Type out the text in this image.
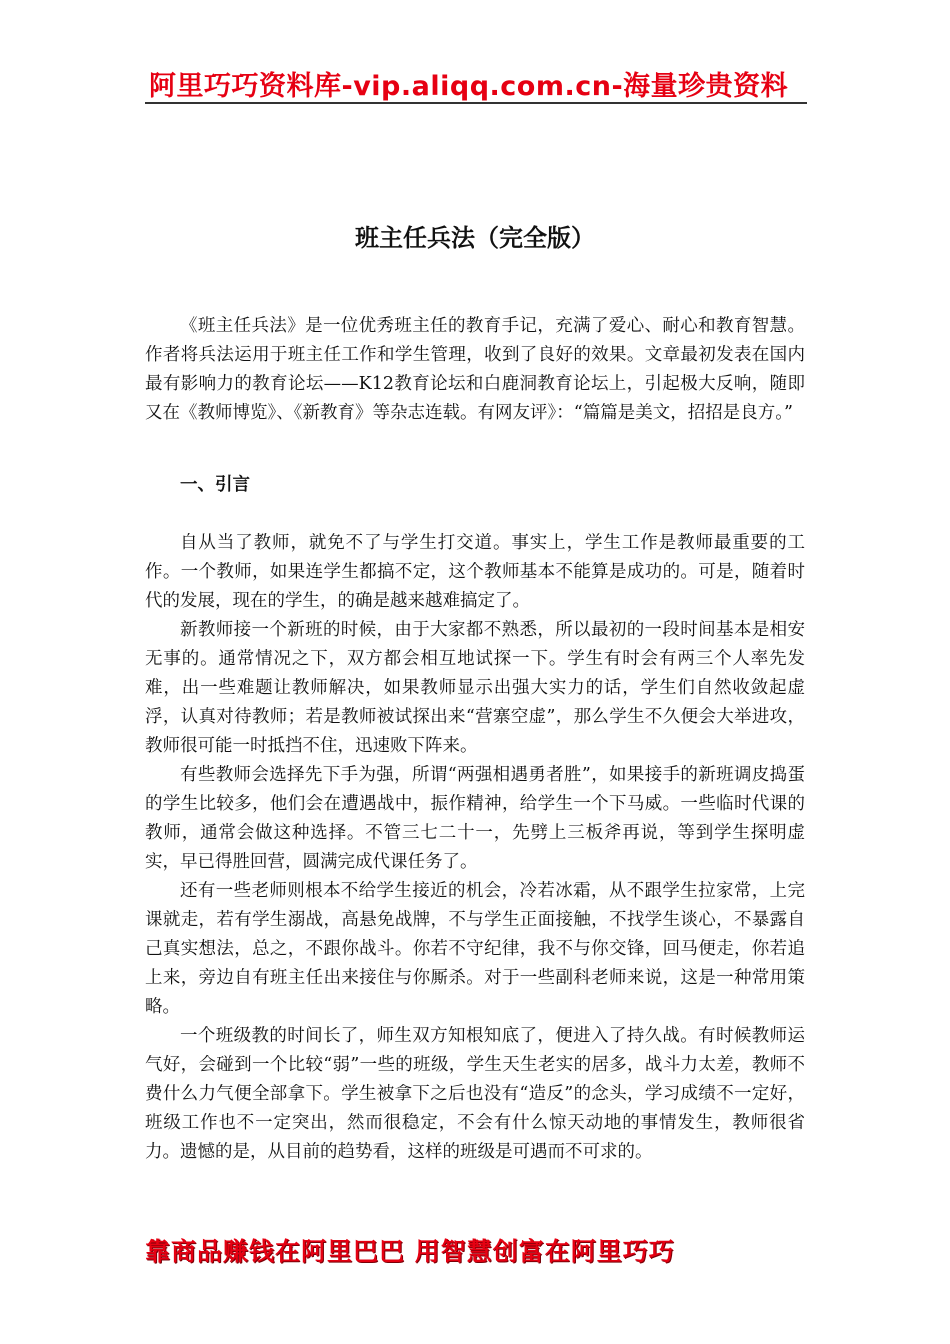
阿里巧巧资料库-vip.aliqq.com.cn-海量珍贵资料
班主任兵法（完全版）

《班主任兵法》是一位优秀班主任的教育手记，充满了爱心、耐心和教育智慧。作者将兵法运用于班主任工作和学生管理，收到了良好的效果。文章最初发表在国内最有影响力的教育论坛——K12教育论坛和白鹿洞教育论坛上，引起极大反响，随即又在《教师博览》、《新教育》等杂志连载。有网友评》：“篇篇是美文，招招是良方。”

一、引言

自从当了教师，就免不了与学生打交道。事实上，学生工作是教师最重要的工作。一个教师，如果连学生都搞不定，这个教师基本不能算是成功的。可是，随着时代的发展，现在的学生，的确是越来越难搞定了。

新教师接一个新班的时候，由于大家都不熟悉，所以最初的一段时间基本是相安无事的。通常情况之下，双方都会相互地试探一下。学生有时会有两三个人率先发难，出一些难题让教师解决，如果教师显示出强大实力的话，学生们自然收敛起虚浮，认真对待教师；若是教师被试探出来“营寨空虚”，那么学生不久便会大举进攻，教师很可能一时抵挡不住，迅速败下阵来。

有些教师会选择先下手为强，所谓“两强相遇勇者胜”，如果接手的新班调皮捣蛋的学生比较多，他们会在遭遇战中，振作精神，给学生一个下马威。一些临时代课的教师，通常会做这种选择。不管三七二十一，先劈上三板斧再说，等到学生探明虚实，早已得胜回营，圆满完成代课任务了。

还有一些老师则根本不给学生接近的机会，冷若冰霜，从不跟学生拉家常，上完课就走，若有学生溺战，高悬免战牌，不与学生正面接触，不找学生谈心，不暴露自己真实想法，总之，不跟你战斗。你若不守纪律，我不与你交锋，回马便走，你若追上来，旁边自有班主任出来接住与你厮杀。对于一些副科老师来说，这是一种常用策略。

一个班级教的时间长了，师生双方知根知底了，便进入了持久战。有时候教师运气好，会碰到一个比较“弱”一些的班级，学生天生老实的居多，战斗力太差，教师不费什么力气便全部拿下。学生被拿下之后也没有“造反”的念头，学习成绩不一定好，班级工作也不一定突出，然而很稳定，不会有什么惊天动地的事情发生，教师很省力。遗憾的是，从目前的趋势看，这样的班级是可遇而不可求的。

靠商品赚钱在阿里巴巴 用智慧创富在阿里巧巧
